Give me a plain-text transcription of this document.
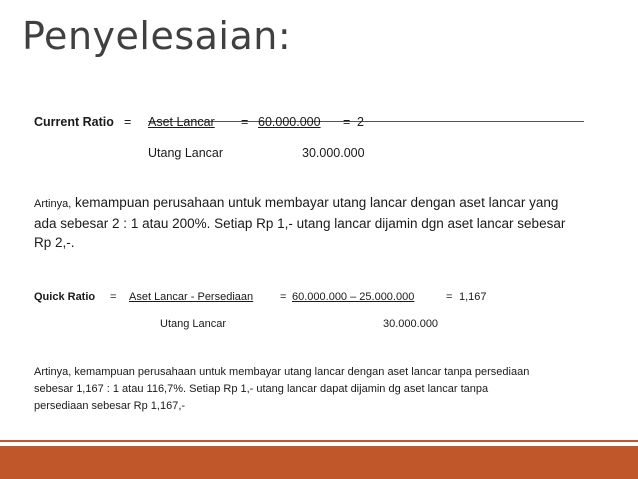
Penyelesaian:
Current Ratio = Aset Lancar = 60.000.000 = 2
Utang Lancar	30.000.000
Artinya, kemampuan perusahaan untuk membayar utang lancar dengan aset lancar yang
ada sebesar 2 : 1 atau 200%. Setiap Rp 1,- utang lancar dijamin dgn aset lancar sebesar
Rp 2,-.
Quick Ratio = Aset Lancar - Persediaan = 60.000.000 – 25.000.000	= 1,167
Utang Lancar	30.000.000
Artinya, kemampuan perusahaan untuk membayar utang lancar dengan aset lancar tanpa persediaan
sebesar 1,167 : 1 atau 116,7%. Setiap Rp 1,- utang lancar dapat dijamin dg aset lancar tanpa
persediaan sebesar Rp 1,167,-
